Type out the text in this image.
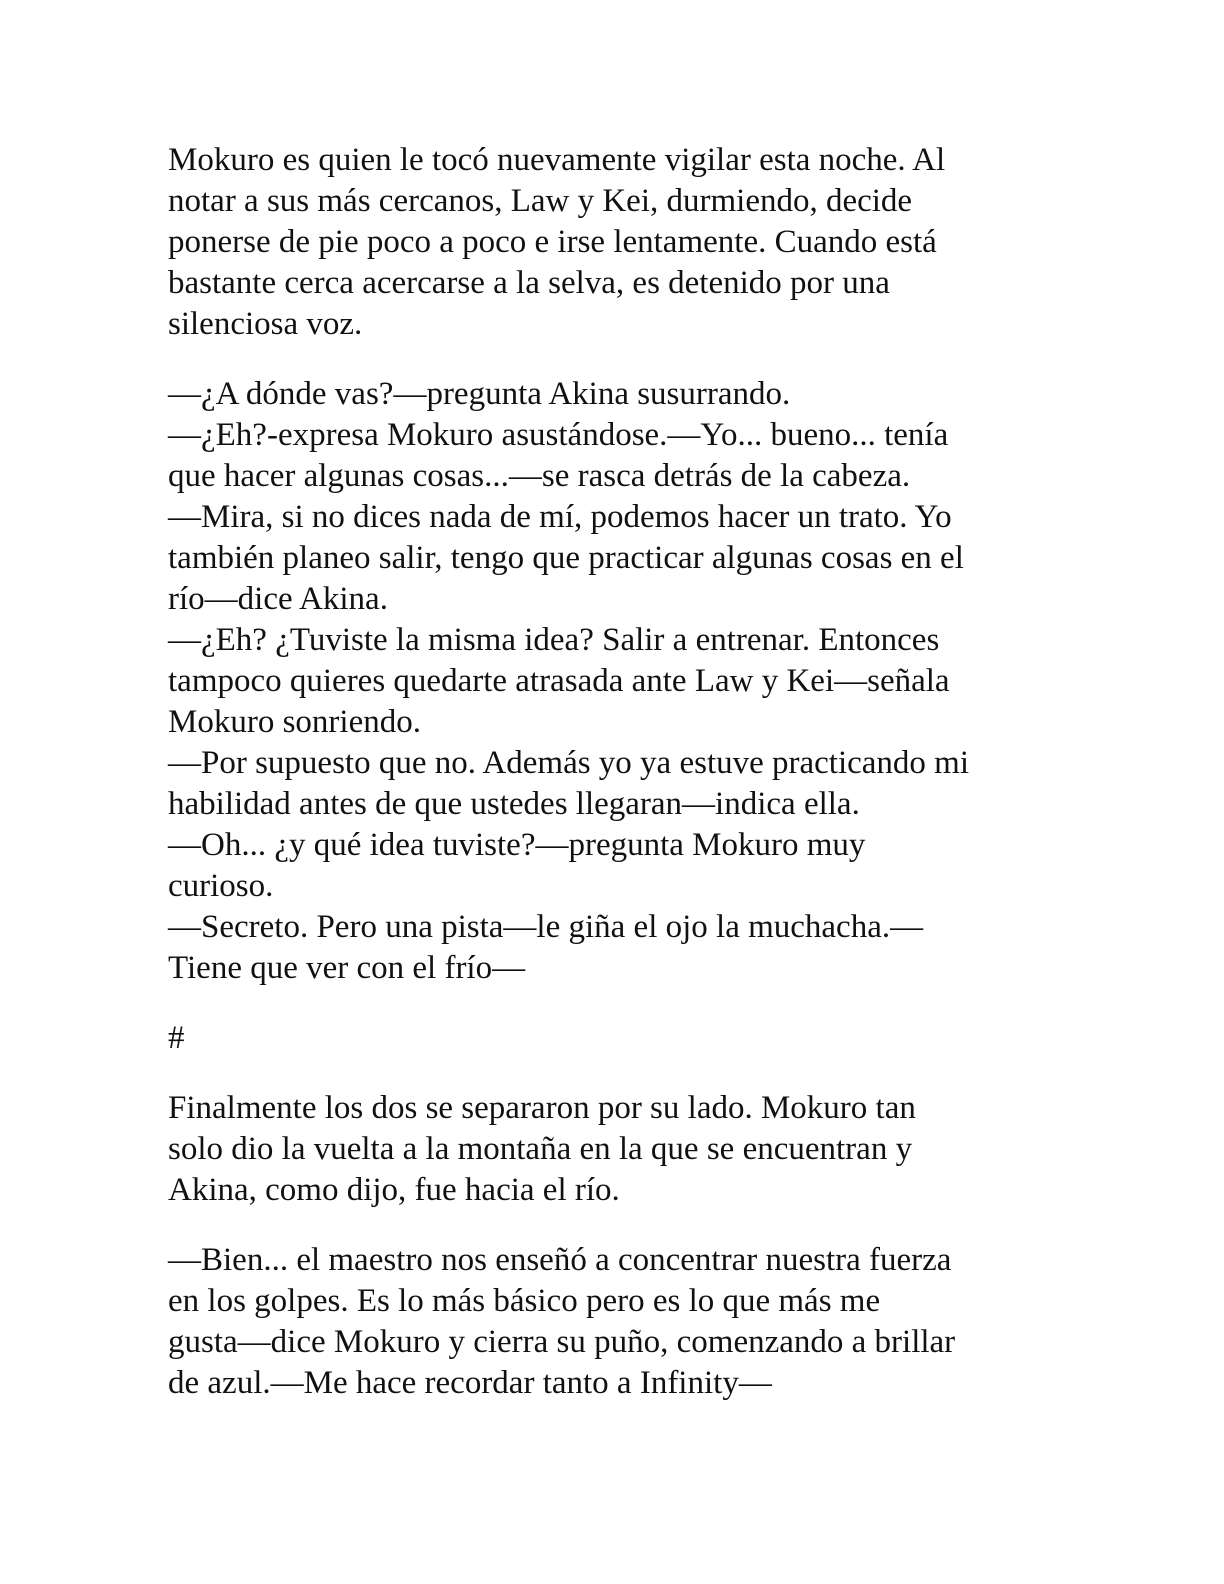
Mokuro es quien le tocó nuevamente vigilar esta noche. Al
notar a sus más cercanos, Law y Kei, durmiendo, decide
ponerse de pie poco a poco e irse lentamente. Cuando está
bastante cerca acercarse a la selva, es detenido por una
silenciosa voz.

—¿A dónde vas?—pregunta Akina susurrando.
—¿Eh?-expresa Mokuro asustándose.—Yo... bueno... tenía
que hacer algunas cosas...—se rasca detrás de la cabeza.
—Mira, si no dices nada de mí, podemos hacer un trato. Yo
también planeo salir, tengo que practicar algunas cosas en el
río—dice Akina.
—¿Eh? ¿Tuviste la misma idea? Salir a entrenar. Entonces
tampoco quieres quedarte atrasada ante Law y Kei—señala
Mokuro sonriendo.
—Por supuesto que no. Además yo ya estuve practicando mi
habilidad antes de que ustedes llegaran—indica ella.
—Oh... ¿y qué idea tuviste?—pregunta Mokuro muy
curioso.
—Secreto. Pero una pista—le giña el ojo la muchacha.—
Tiene que ver con el frío—

#

Finalmente los dos se separaron por su lado. Mokuro tan
solo dio la vuelta a la montaña en la que se encuentran y
Akina, como dijo, fue hacia el río.

—Bien... el maestro nos enseñó a concentrar nuestra fuerza
en los golpes. Es lo más básico pero es lo que más me
gusta—dice Mokuro y cierra su puño, comenzando a brillar
de azul.—Me hace recordar tanto a Infinity—
